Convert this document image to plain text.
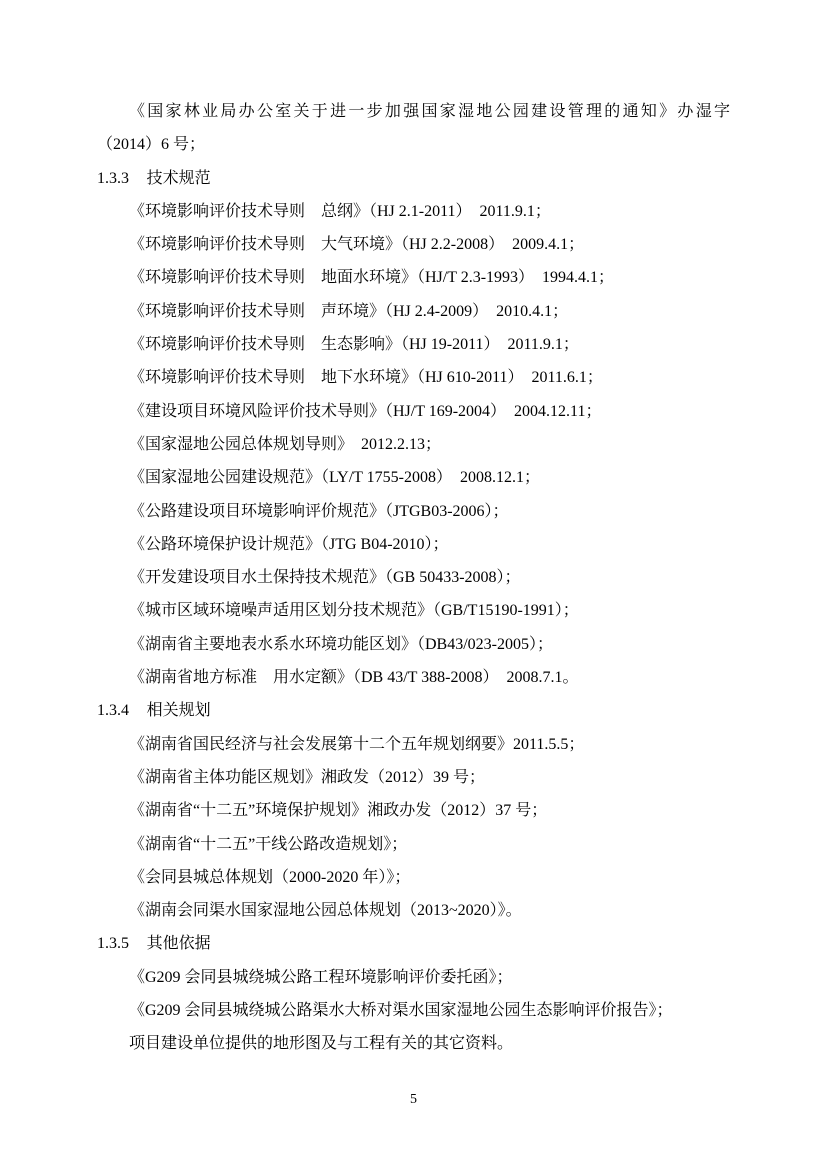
《国家林业局办公室关于进一步加强国家湿地公园建设管理的通知》办湿字

（2014）6 号；

1.3.3 技术规范

《环境影响评价技术导则　总纲》（HJ 2.1-2011）　2011.9.1；

《环境影响评价技术导则　大气环境》（HJ 2.2-2008）　2009.4.1；

《环境影响评价技术导则　地面水环境》（HJ/T 2.3-1993）　1994.4.1；

《环境影响评价技术导则　声环境》（HJ 2.4-2009）　2010.4.1；

《环境影响评价技术导则　生态影响》（HJ 19-2011）　2011.9.1；

《环境影响评价技术导则　地下水环境》（HJ 610-2011）　2011.6.1；

《建设项目环境风险评价技术导则》（HJ/T 169-2004）　2004.12.11；

《国家湿地公园总体规划导则》　2012.2.13；

《国家湿地公园建设规范》（LY/T 1755-2008）　2008.12.1；

《公路建设项目环境影响评价规范》（JTGB03-2006）；

《公路环境保护设计规范》（JTG B04-2010）；

《开发建设项目水土保持技术规范》（GB 50433-2008）；

《城市区域环境噪声适用区划分技术规范》（GB/T15190-1991）；

《湖南省主要地表水系水环境功能区划》（DB43/023-2005）；

《湖南省地方标准　用水定额》（DB 43/T 388-2008）　2008.7.1。

1.3.4 相关规划

《湖南省国民经济与社会发展第十二个五年规划纲要》2011.5.5；

《湖南省主体功能区规划》湘政发（2012）39 号；

《湖南省“十二五”环境保护规划》湘政办发（2012）37 号；

《湖南省“十二五”干线公路改造规划》；

《会同县城总体规划（2000-2020 年）》；

《湖南会同渠水国家湿地公园总体规划（2013~2020）》。

1.3.5 其他依据

《G209 会同县城绕城公路工程环境影响评价委托函》；

《G209 会同县城绕城公路渠水大桥对渠水国家湿地公园生态影响评价报告》；

项目建设单位提供的地形图及与工程有关的其它资料。

5
